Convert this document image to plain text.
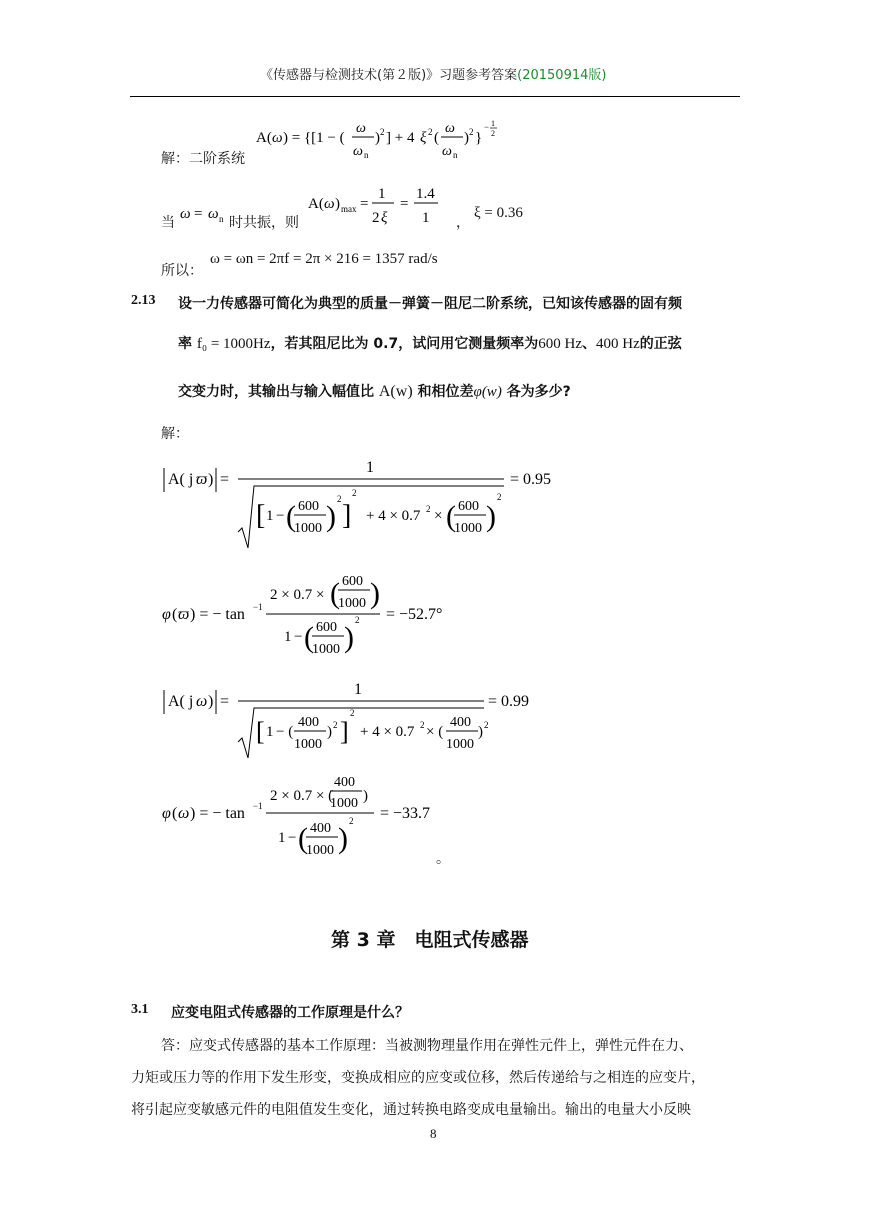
《传感器与检测技术(第２版)》习题参考答案(20150914版)
A( ω ) = {[1 − (
ω
ω n
) 2 ] + 4 ξ 2 (
ω
ω n
) 2 }
− 1
2
解：二阶系统
当
ω = ω n 时共振，则
A( ω ) max =
1
2 ξ
=
1.4
1 ，
ξ = 0.36
所以：
ω = ωn = 2πf = 2π × 216 = 1357 rad/s
2.13 设一力传感器可简化为典型的质量－弹簧－阻尼二阶系统，已知该传感器的固有频
率 f₀ = 1000Hz，若其阻尼比为 0.7，试问用它测量频率为600 Hz、400 Hz的正弦
交变力时，其输出与输入幅值比 A(w) 和相位差φ(w) 各为多少?
解：
A( j ϖ ) =
1
[ 1 − ( 600
1000 )
2
]
2
+ 4 × 0.7 2 × ( 600
1000 )
2
= 0.95
φ ( ϖ ) = − tan −1
2 × 0.7 × ( 600
1000 )
1 − ( 600
1000 )
2 = −52.7°
A( j ω ) =
1
[ 1 − (
400
1000
) 2 ]
2
+ 4 × 0.7 2 × (
400
1000
) 2
= 0.99
φ ( ω ) = − tan −1
2 × 0.7 × (
400
1000 )
1 − ( 400
1000 )
2 = −33.7
。
第 3 章　电阻式传感器
3.1 应变电阻式传感器的工作原理是什么？
答：应变式传感器的基本工作原理：当被测物理量作用在弹性元件上，弹性元件在力、
力矩或压力等的作用下发生形变，变换成相应的应变或位移，然后传递给与之相连的应变片，
将引起应变敏感元件的电阻值发生变化，通过转换电路变成电量输出。输出的电量大小反映
8
